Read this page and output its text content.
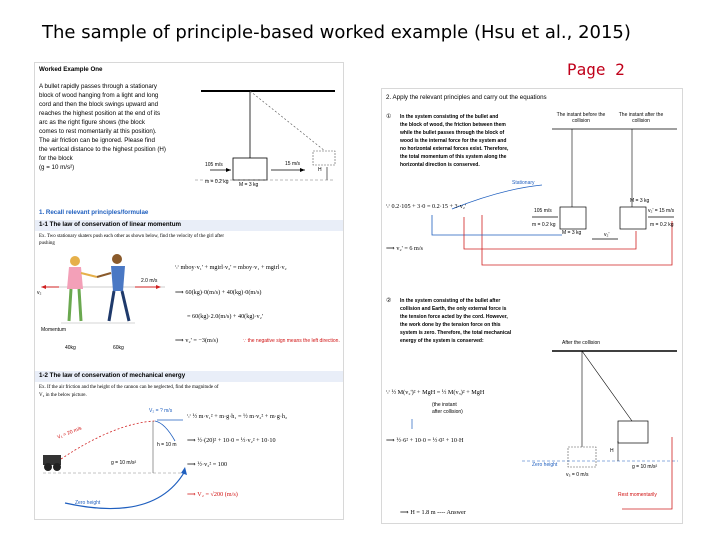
The sample of principle-based worked example (Hsu et al., 2015)
Page 2
Worked Example One
A bullet rapidly passes through a stationary
block of wood hanging from a light and long
cord and then the block swings upward and
reaches the highest position at the end of its
arc as the right figure shows (the block
comes to rest momentarily at this position).
The air friction can be ignored. Please find
the vertical distance to the highest position (H)
for the block
(g = 10 m/s²)	105 m/s
m = 0.2 kg M = 3 kg
H
15 m/s
1. Recall relevant principles/formulae
1-1 The law of conservation of linear momentum
Ex. Two stationary skaters push each other as shown below, find the velocity of the girl after
pushing
v₂
2.0 m/s
Momentum
40kg	60kg
∵ mboy·v₁' + mgirl·v₂' = mboy·v₁ + mgirl·v₂
⟹ 60(kg)·0(m/s) + 40(kg)·0(m/s)
= 60(kg)·2.0(m/s) + 40(kg)·v₂'
⟹ v₂' = −3(m/s)	∵ the negative sign means the left direction.
1-2 The law of conservation of mechanical energy
Ex. If the air friction and the height of the cannon can be neglected, find the magnitude of
V₂ in the below picture.
V₂ = ? m/s
V₁ = 20 m/s
h = 10 m
g = 10 m/s²
Zero height
∵ ½ m·v₁² + m·g·h₁ = ½ m·v₂² + m·g·h₂
⟹ ½·(20)² + 10·0 = ½·v₂² + 10·10
⟹ ½·v₂² = 100
⟹ V₂ = √200 (m/s)
2. Apply the relevant principles and carry out the equations
① In the system consisting of the bullet and
the block of wood, the friction between them
while the bullet passes through the block of
wood is the internal force for the system and
no horizontal external forces exist. Therefore,
the total momentum of this system along the
horizontal direction is conserved.
The instant before the collision
The instant after the collision
Stationary
105 m/s
m = 0.2 kg
M = 3 kg
M = 3 kg
v₂' = 15 m/s
m = 0.2 kg
v₂'
∵ 0.2·105 + 3·0 = 0.2·15 + 3·v₂'
⟹ v₂' = 6 m/s
② In the system consisting of the bullet after
collision and Earth, the only external force is
the tension force acted by the cord. However,
the work done by the tension force on this
system is zero. Therefore, the total mechanical
energy of the system is conserved:	After the collision
∵ ½ M(v₂')² + MgH = ½ M(v₃)² + MgH
(the instant
after collision)
⟹ ½·6² + 10·0 = ½·0² + 10·H
Zero height
H
g = 10 m/s²
v₃ = 0 m/s
Rest momentarily
⟹ H = 1.8 m ---- Answer
